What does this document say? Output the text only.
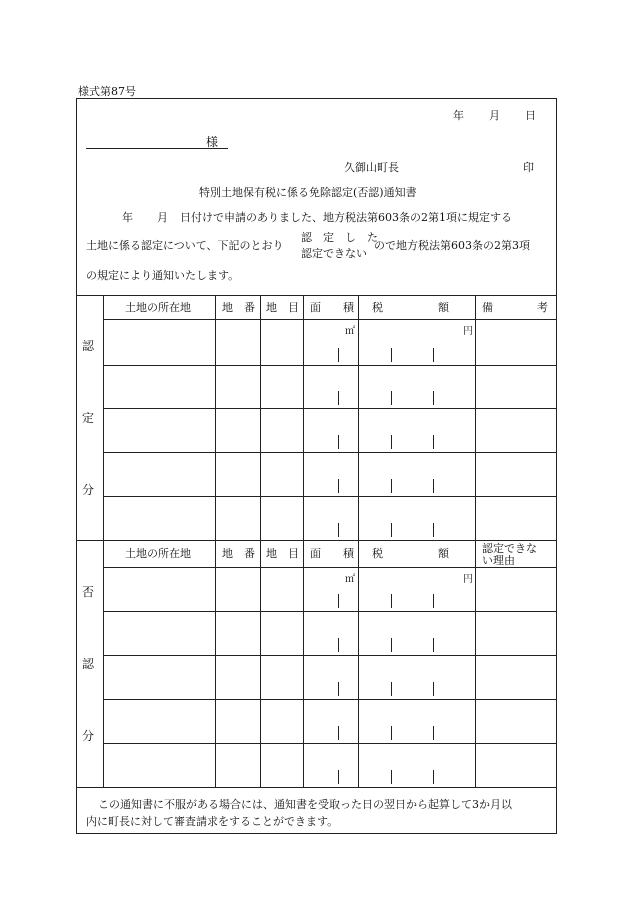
様式第87号
年 月 日
様
久御山町長	印
特別土地保有税に係る免除認定(否認)通知書
年 月 日付けで申請のありました、地方税法第603条の2第1項に規定する
土地に係る認定について、下記のとおり
認　定　し　た
認定できない
ので地方税法第603条の2第3項
の規定により通知いたします。
土地の所在地	地　番 地　目 面　　積 税　　　　　額	備　　　　考
㎡	円
認
定
分
土地の所在地	地　番 地　目 面　　積 税　　　　　額	認定できな
い理由
㎡	円
否
認
分
この通知書に不服がある場合には、通知書を受取った日の翌日から起算して3か月以
内に町長に対して審査請求をすることができます。
